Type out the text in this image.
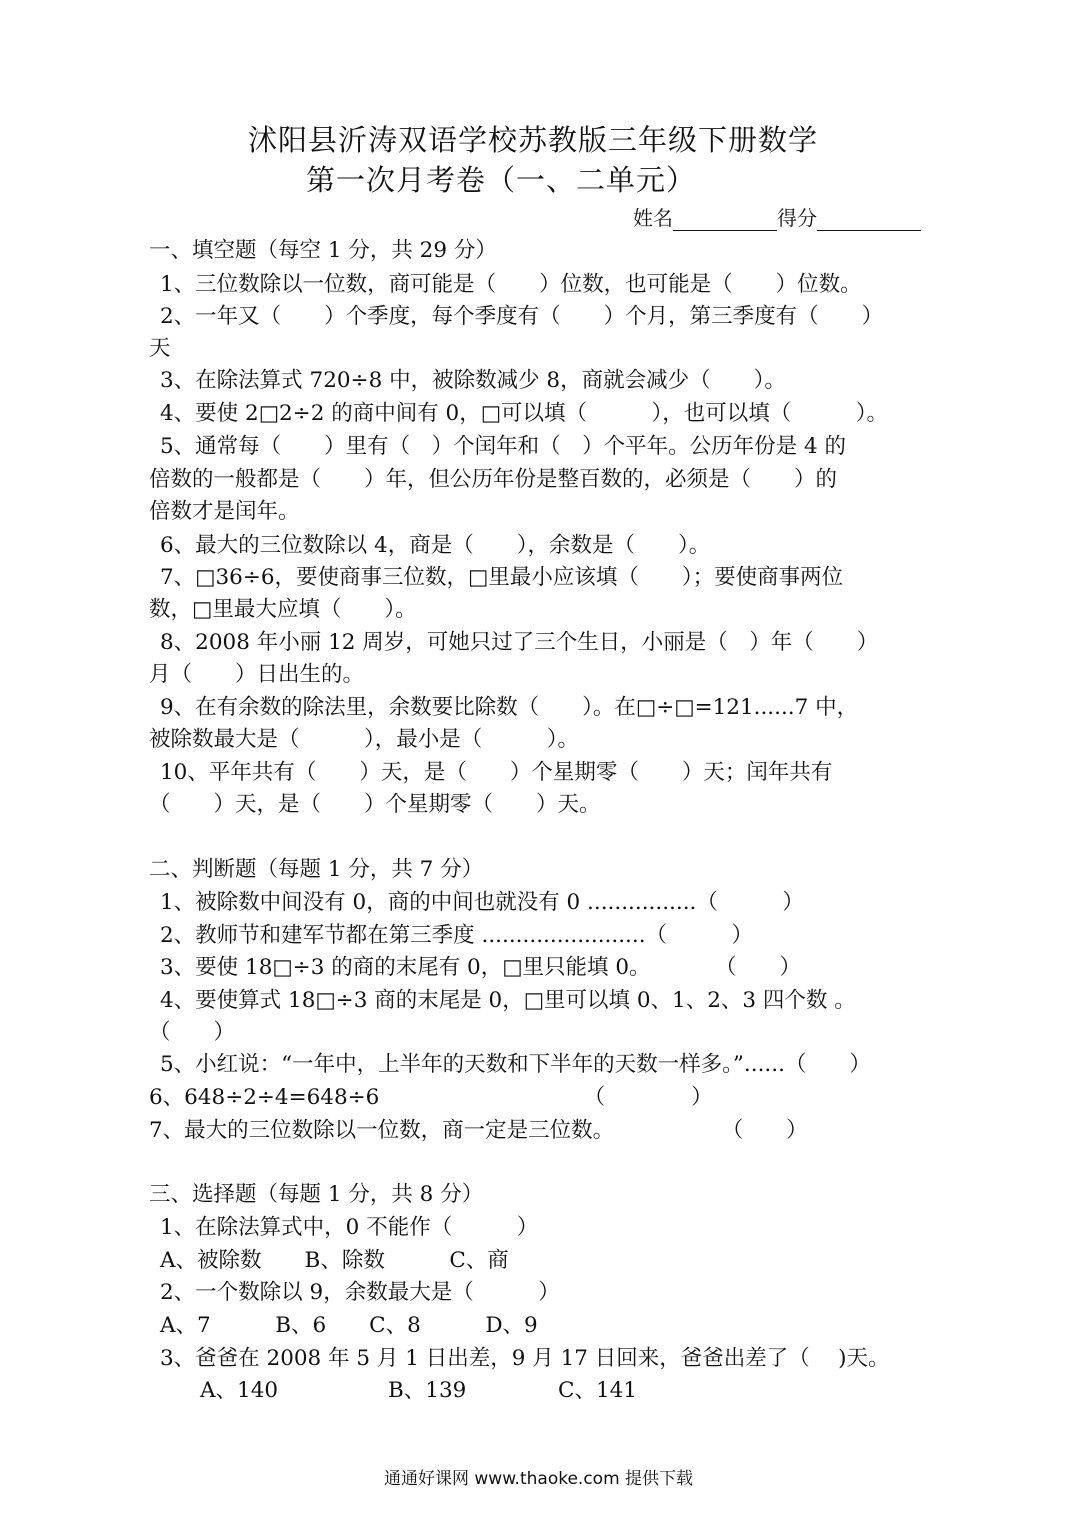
沭阳县沂涛双语学校苏教版三年级下册数学
第一次月考卷（一、二单元）
姓名	得分
一、填空题（每空 1 分，共 29 分）
1、三位数除以一位数，商可能是（　　）位数，也可能是（　　）位数。
2、一年又（　　）个季度，每个季度有（　　）个月，第三季度有（　　）
天
3、在除法算式 720÷8 中，被除数减少 8，商就会减少（　　）。
4、要使 2□2÷2 的商中间有 0，□可以填（　　　），也可以填（　　　）。
5、通常每（　　）里有（　）个闰年和（　）个平年。公历年份是 4 的
倍数的一般都是（　　）年，但公历年份是整百数的，必须是（　　）的
倍数才是闰年。
6、最大的三位数除以 4，商是（　　），余数是（　　）。
7、□36÷6，要使商事三位数，□里最小应该填（　　）；要使商事两位
数，□里最大应填（　　）。
8、2008 年小丽 12 周岁，可她只过了三个生日，小丽是（　）年（　　）
月（　　）日出生的。
9、在有余数的除法里，余数要比除数（　　）。在□÷□=121......7 中，
被除数最大是（　　　），最小是（　　　）。
10、平年共有（　　）天，是（　　）个星期零（　　）天；闰年共有
（　　）天，是（　　）个星期零（　　）天。
二、判断题（每题 1 分，共 7 分）
1、被除数中间没有 0，商的中间也就没有 0 ................（　　　）
2、教师节和建军节都在第三季度 ........................（　　　）
3、要使 18□÷3 的商的末尾有 0，□里只能填 0。　　　　（　　）
4、要使算式 18□÷3 商的末尾是 0，□里可以填 0、1、2、3 四个数 。
（　　）
5、小红说：“一年中，上半年的天数和下半年的天数一样多。”......（　　）
6、648÷2÷4=648÷6　　　　　　　　　　（　　　　）
7、最大的三位数除以一位数，商一定是三位数。　　　　　　（　　）
三、选择题（每题 1 分，共 8 分）
1、在除法算式中，0 不能作（　　　）
A、被除数　　B、除数　　　C、商
2、一个数除以 9，余数最大是（　　　）
A、7　　　B、6　　C、8　　　D、9
3、爸爸在 2008 年 5 月 1 日出差，9 月 17 日回来，爸爸出差了（　 )天。
A、140	B、139	C、141
通通好课网 www.thaoke.com 提供下载
